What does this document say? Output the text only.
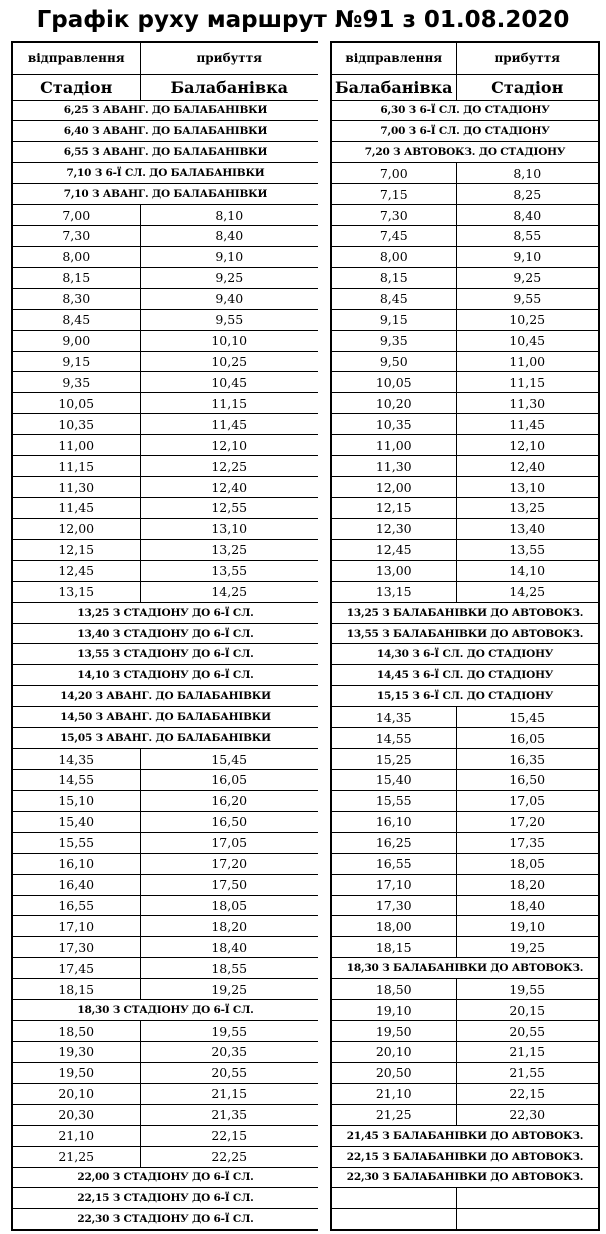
Графік руху маршрут №91 з 01.08.2020
відправлення	прибуття
Стадіон	Балабанівка
6,25 З АВАНГ. ДО БАЛАБАНІВКИ	
6,40 З АВАНГ. ДО БАЛАБАНІВКИ	
6,55 З АВАНГ. ДО БАЛАБАНІВКИ	
7,10 З 6-Ї СЛ. ДО БАЛАБАНІВКИ	
7,10 З АВАНГ. ДО БАЛАБАНІВКИ	
7,00	8,10
7,30	8,40
8,00	9,10
8,15	9,25
8,30	9,40
8,45	9,55
9,00	10,10
9,15	10,25
9,35	10,45
10,05	11,15
10,35	11,45
11,00	12,10
11,15	12,25
11,30	12,40
11,45	12,55
12,00	13,10
12,15	13,25
12,45	13,55
13,15	14,25
13,25 З СТАДІОНУ ДО 6-Ї СЛ.	
13,40 З СТАДІОНУ ДО 6-Ї СЛ.	
13,55 З СТАДІОНУ ДО 6-Ї СЛ.	
14,10 З СТАДІОНУ ДО 6-Ї СЛ.	
14,20 З АВАНГ. ДО БАЛАБАНІВКИ	
14,50 З АВАНГ. ДО БАЛАБАНІВКИ	
15,05 З АВАНГ. ДО БАЛАБАНІВКИ	
14,35	15,45
14,55	16,05
15,10	16,20
15,40	16,50
15,55	17,05
16,10	17,20
16,40	17,50
16,55	18,05
17,10	18,20
17,30	18,40
17,45	18,55
18,15	19,25
18,30 З СТАДІОНУ ДО 6-Ї СЛ.	
18,50	19,55
19,30	20,35
19,50	20,55
20,10	21,15
20,30	21,35
21,10	22,15
21,25	22,25
22,00 З СТАДІОНУ ДО 6-Ї СЛ.	
22,15 З СТАДІОНУ ДО 6-Ї СЛ.	
22,30 З СТАДІОНУ ДО 6-Ї СЛ.	
відправлення	прибуття
Балабанівка	Стадіон
6,30 З 6-Ї СЛ. ДО СТАДІОНУ	
7,00 З 6-Ї СЛ. ДО СТАДІОНУ	
7,20 З АВТОВОКЗ. ДО СТАДІОНУ	
7,00	8,10
7,15	8,25
7,30	8,40
7,45	8,55
8,00	9,10
8,15	9,25
8,45	9,55
9,15	10,25
9,35	10,45
9,50	11,00
10,05	11,15
10,20	11,30
10,35	11,45
11,00	12,10
11,30	12,40
12,00	13,10
12,15	13,25
12,30	13,40
12,45	13,55
13,00	14,10
13,15	14,25
13,25 З БАЛАБАНІВКИ ДО АВТОВОКЗ.	
13,55 З БАЛАБАНІВКИ ДО АВТОВОКЗ.	
14,30 З 6-Ї СЛ. ДО СТАДІОНУ	
14,45 З 6-Ї СЛ. ДО СТАДІОНУ	
15,15 З 6-Ї СЛ. ДО СТАДІОНУ	
14,35	15,45
14,55	16,05
15,25	16,35
15,40	16,50
15,55	17,05
16,10	17,20
16,25	17,35
16,55	18,05
17,10	18,20
17,30	18,40
18,00	19,10
18,15	19,25
18,30 З БАЛАБАНІВКИ ДО АВТОВОКЗ.	
18,50	19,55
19,10	20,15
19,50	20,55
20,10	21,15
20,50	21,55
21,10	22,15
21,25	22,30
21,45 З БАЛАБАНІВКИ ДО АВТОВОКЗ.	
22,15 З БАЛАБАНІВКИ ДО АВТОВОКЗ.	
22,30 З БАЛАБАНІВКИ ДО АВТОВОКЗ.	
